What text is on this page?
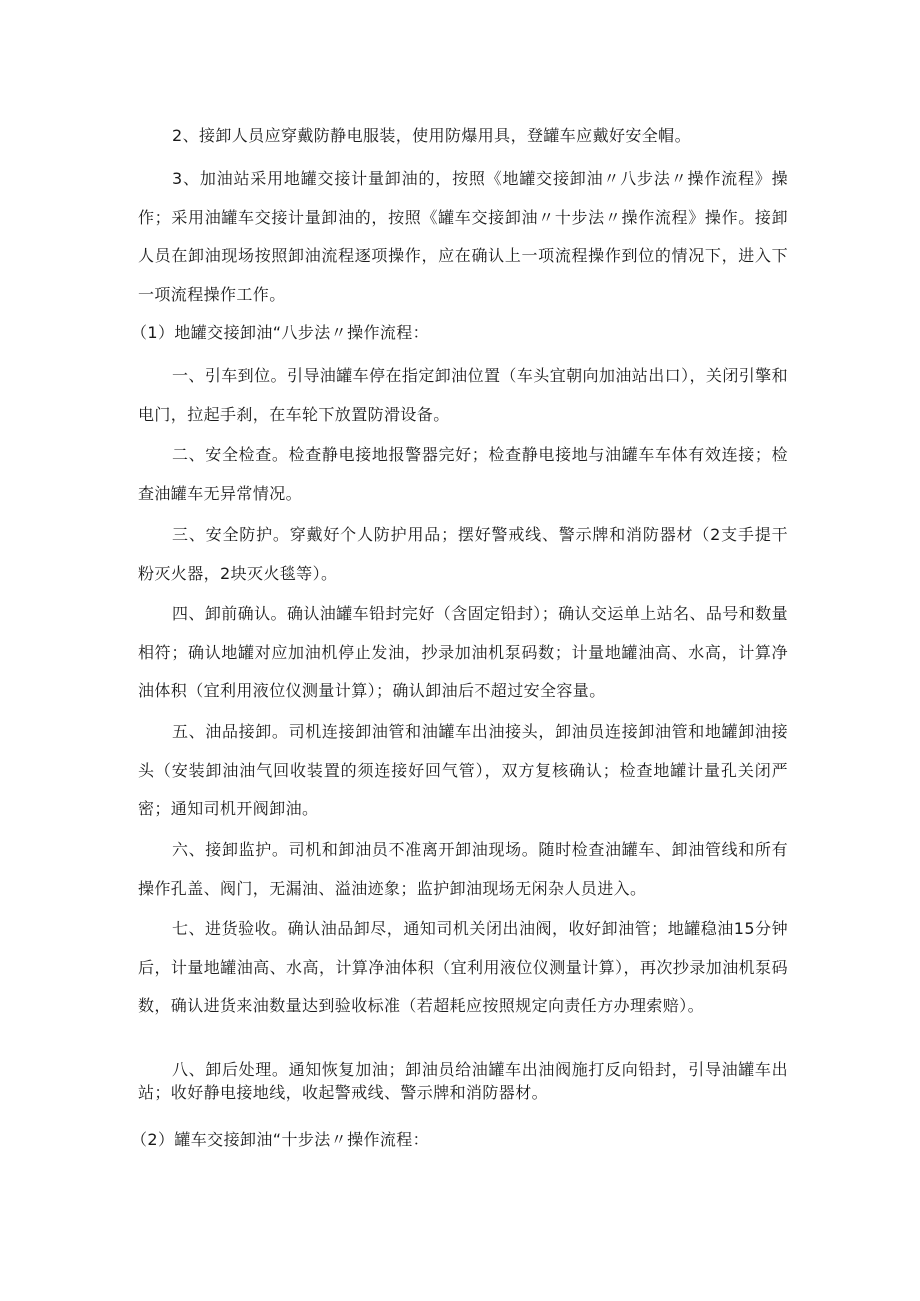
2、接卸人员应穿戴防静电服装，使用防爆用具，登罐车应戴好安全帽。

3、加油站采用地罐交接计量卸油的，按照《地罐交接卸油〃八步法〃操作流程》操作；采用油罐车交接计量卸油的，按照《罐车交接卸油〃十步法〃操作流程》操作。接卸人员在卸油现场按照卸油流程逐项操作，应在确认上一项流程操作到位的情况下，进入下一项流程操作工作。

（1）地罐交接卸油“八步法〃操作流程：

一、引车到位。引导油罐车停在指定卸油位置（车头宜朝向加油站出口），关闭引擎和电门，拉起手刹，在车轮下放置防滑设备。

二、安全检查。检查静电接地报警器完好；检查静电接地与油罐车车体有效连接；检查油罐车无异常情况。

三、安全防护。穿戴好个人防护用品；摆好警戒线、警示牌和消防器材（2支手提干粉灭火器，2块灭火毯等）。

四、卸前确认。确认油罐车铅封完好（含固定铅封）；确认交运单上站名、品号和数量相符；确认地罐对应加油机停止发油，抄录加油机泵码数；计量地罐油高、水高，计算净油体积（宜利用液位仪测量计算）；确认卸油后不超过安全容量。

五、油品接卸。司机连接卸油管和油罐车出油接头，卸油员连接卸油管和地罐卸油接头（安装卸油油气回收装置的须连接好回气管），双方复核确认；检查地罐计量孔关闭严密；通知司机开阀卸油。

六、接卸监护。司机和卸油员不准离开卸油现场。随时检查油罐车、卸油管线和所有操作孔盖、阀门，无漏油、溢油迹象；监护卸油现场无闲杂人员进入。

七、进货验收。确认油品卸尽，通知司机关闭出油阀，收好卸油管；地罐稳油15分钟后，计量地罐油高、水高，计算净油体积（宜利用液位仪测量计算），再次抄录加油机泵码数，确认进货来油数量达到验收标准（若超耗应按照规定向责任方办理索赔）。

八、卸后处理。通知恢复加油；卸油员给油罐车出油阀施打反向铅封，引导油罐车出站；收好静电接地线，收起警戒线、警示牌和消防器材。

（2）罐车交接卸油“十步法〃操作流程：
